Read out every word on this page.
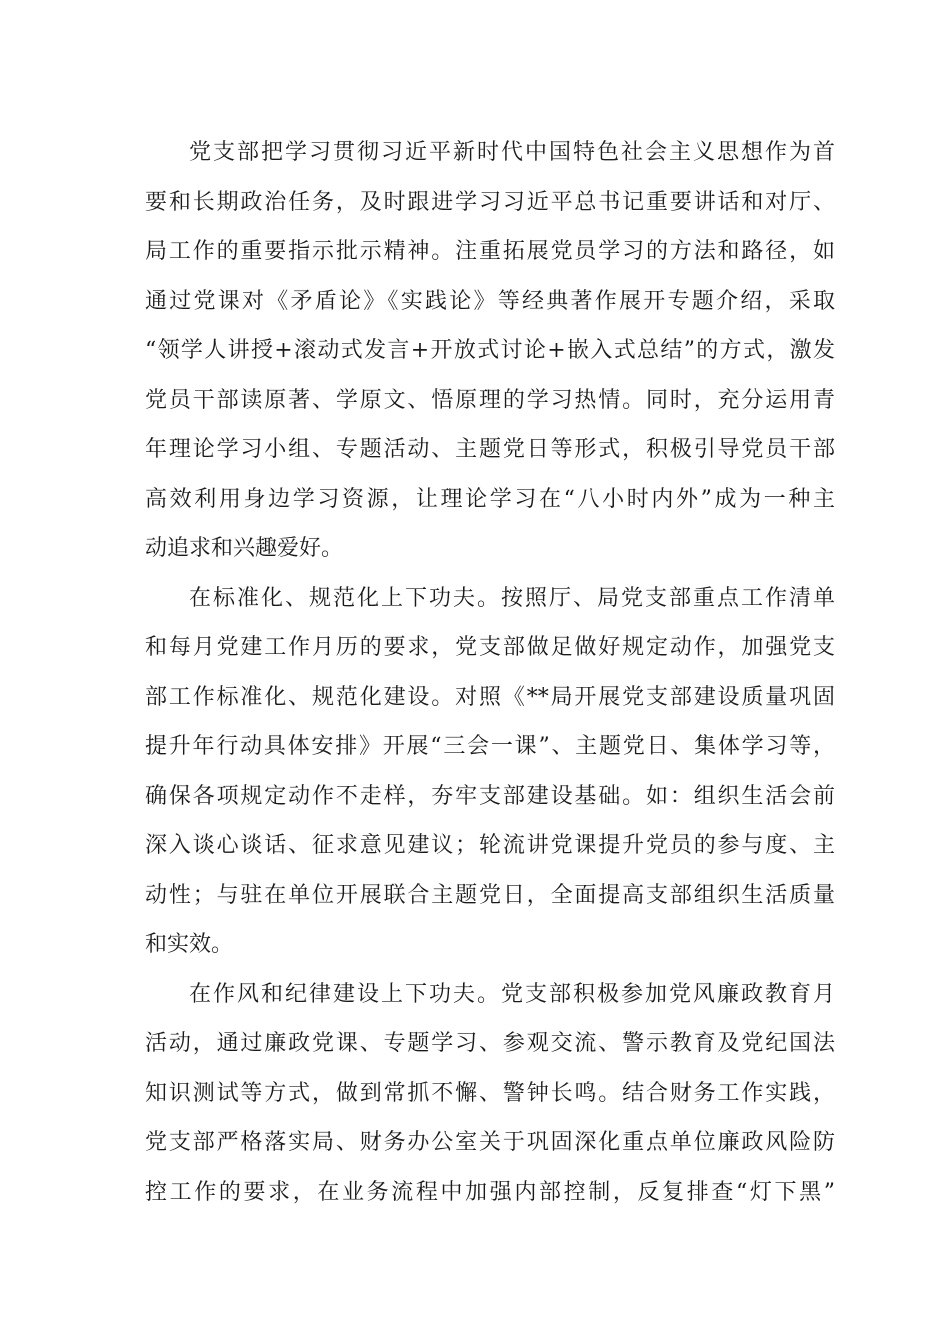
党支部把学习贯彻习近平新时代中国特色社会主义思想作为首
要和长期政治任务，及时跟进学习习近平总书记重要讲话和对厅、
局工作的重要指示批示精神。注重拓展党员学习的方法和路径，如
通过党课对《矛盾论》《实践论》等经典著作展开专题介绍，采取
“领学人讲授+滚动式发言+开放式讨论+嵌入式总结”的方式，激发
党员干部读原著、学原文、悟原理的学习热情。同时，充分运用青
年理论学习小组、专题活动、主题党日等形式，积极引导党员干部
高效利用身边学习资源，让理论学习在“八小时内外”成为一种主
动追求和兴趣爱好。
在标准化、规范化上下功夫。按照厅、局党支部重点工作清单
和每月党建工作月历的要求，党支部做足做好规定动作，加强党支
部工作标准化、规范化建设。对照《**局开展党支部建设质量巩固
提升年行动具体安排》开展“三会一课”、主题党日、集体学习等，
确保各项规定动作不走样，夯牢支部建设基础。如：组织生活会前
深入谈心谈话、征求意见建议；轮流讲党课提升党员的参与度、主
动性；与驻在单位开展联合主题党日，全面提高支部组织生活质量
和实效。
在作风和纪律建设上下功夫。党支部积极参加党风廉政教育月
活动，通过廉政党课、专题学习、参观交流、警示教育及党纪国法
知识测试等方式，做到常抓不懈、警钟长鸣。结合财务工作实践，
党支部严格落实局、财务办公室关于巩固深化重点单位廉政风险防
控工作的要求，在业务流程中加强内部控制，反复排查“灯下黑”
